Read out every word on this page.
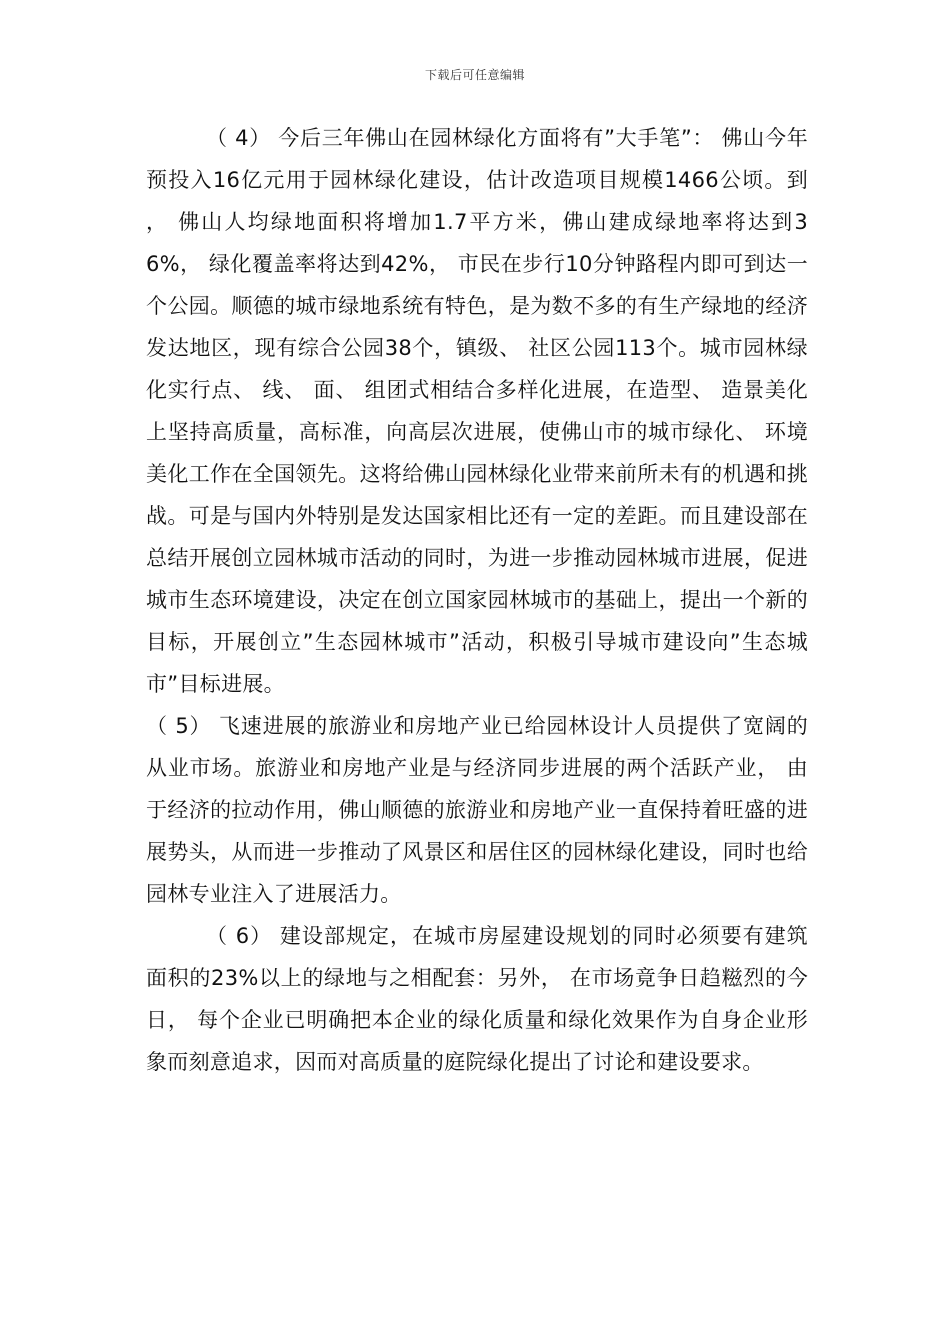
下载后可任意编辑

（ 4） 今后三年佛山在园林绿化方面将有”大手笔”： 佛山今年预投入16亿元用于园林绿化建设，估计改造项目规模1466公顷。到 ， 佛山人均绿地面积将增加1.7平方米，佛山建成绿地率将达到36%， 绿化覆盖率将达到42%， 市民在步行10分钟路程内即可到达一个公园。顺德的城市绿地系统有特色，是为数不多的有生产绿地的经济发达地区，现有综合公园38个，镇级、 社区公园113个。城市园林绿化实行点、 线、 面、 组团式相结合多样化进展，在造型、 造景美化上坚持高质量，高标准，向高层次进展，使佛山市的城市绿化、 环境美化工作在全国领先。这将给佛山园林绿化业带来前所未有的机遇和挑战。可是与国内外特别是发达国家相比还有一定的差距。而且建设部在总结开展创立园林城市活动的同时，为进一步推动园林城市进展，促进城市生态环境建设，决定在创立国家园林城市的基础上，提出一个新的目标，开展创立”生态园林城市”活动，积极引导城市建设向”生态城市”目标进展。

（ 5） 飞速进展的旅游业和房地产业已给园林设计人员提供了宽阔的从业市场。旅游业和房地产业是与经济同步进展的两个活跃产业， 由于经济的拉动作用，佛山顺德的旅游业和房地产业一直保持着旺盛的进展势头，从而进一步推动了风景区和居住区的园林绿化建设，同时也给园林专业注入了进展活力。

（ 6） 建设部规定，在城市房屋建设规划的同时必须要有建筑面积的23%以上的绿地与之相配套：另外， 在市场竟争日趋糍烈的今日， 每个企业已明确把本企业的绿化质量和绿化效果作为自身企业形象而刻意追求，因而对高质量的庭院绿化提出了讨论和建设要求。
